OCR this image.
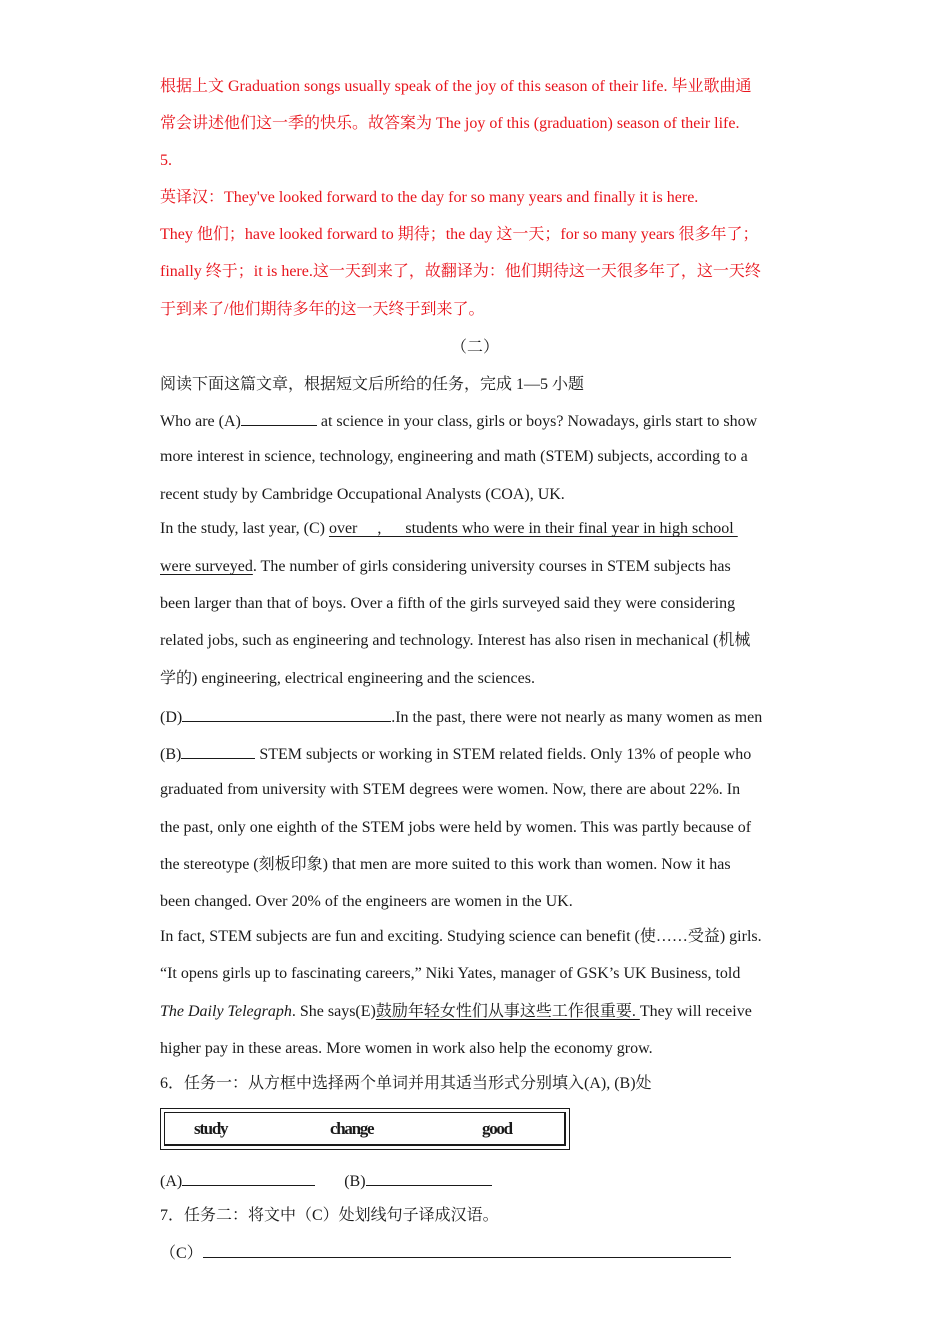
根据上文 Graduation songs usually speak of the joy of this season of their life. 毕业歌曲通
常会讲述他们这一季的快乐。故答案为 The joy of this (graduation) season of their life.
5.
英译汉：They've looked forward to the day for so many years and finally it is here.
They 他们；have looked forward to 期待；the day 这一天；for so many years 很多年了；
finally 终于；it is here.这一天到来了，故翻译为：他们期待这一天很多年了，这一天终
于到来了/他们期待多年的这一天终于到来了。
（二）
阅读下面这篇文章，根据短文后所给的任务，完成 1—5 小题
Who are (A)	at science in your class, girls or boys? Nowadays, girls start to show
more interest in science, technology, engineering and math (STEM) subjects, according to a
recent study by Cambridge Occupational Analysts (COA), UK.
In the study, last year, (C) over     ,      students who were in their final year in high school
were surveyed. The number of girls considering university courses in STEM subjects has
been larger than that of boys. Over a fifth of the girls surveyed said they were considering
related jobs, such as engineering and technology. Interest has also risen in mechanical (机械
学的) engineering, electrical engineering and the sciences.
(D)	.In the past, there were not nearly as many women as men
(B)	STEM subjects or working in STEM related fields. Only 13% of people who
graduated from university with STEM degrees were women. Now, there are about 22%. In
the past, only one eighth of the STEM jobs were held by women. This was partly because of
the stereotype (刻板印象) that men are more suited to this work than women. Now it has
been changed. Over 20% of the engineers are women in the UK.
In fact, STEM subjects are fun and exciting. Studying science can benefit (使……受益) girls.
“It opens girls up to fascinating careers,” Niki Yates, manager of GSK’s UK Business, told
The Daily Telegraph. She says(E)鼓励年轻女性们从事这些工作很重要. They will receive
higher pay in these areas. More women in work also help the economy grow.
6．任务一：从方框中选择两个单词并用其适当形式分别填入(A), (B)处
study	change	good
(A)	(B)
7．任务二：将文中（C）处划线句子译成汉语。
（C）
